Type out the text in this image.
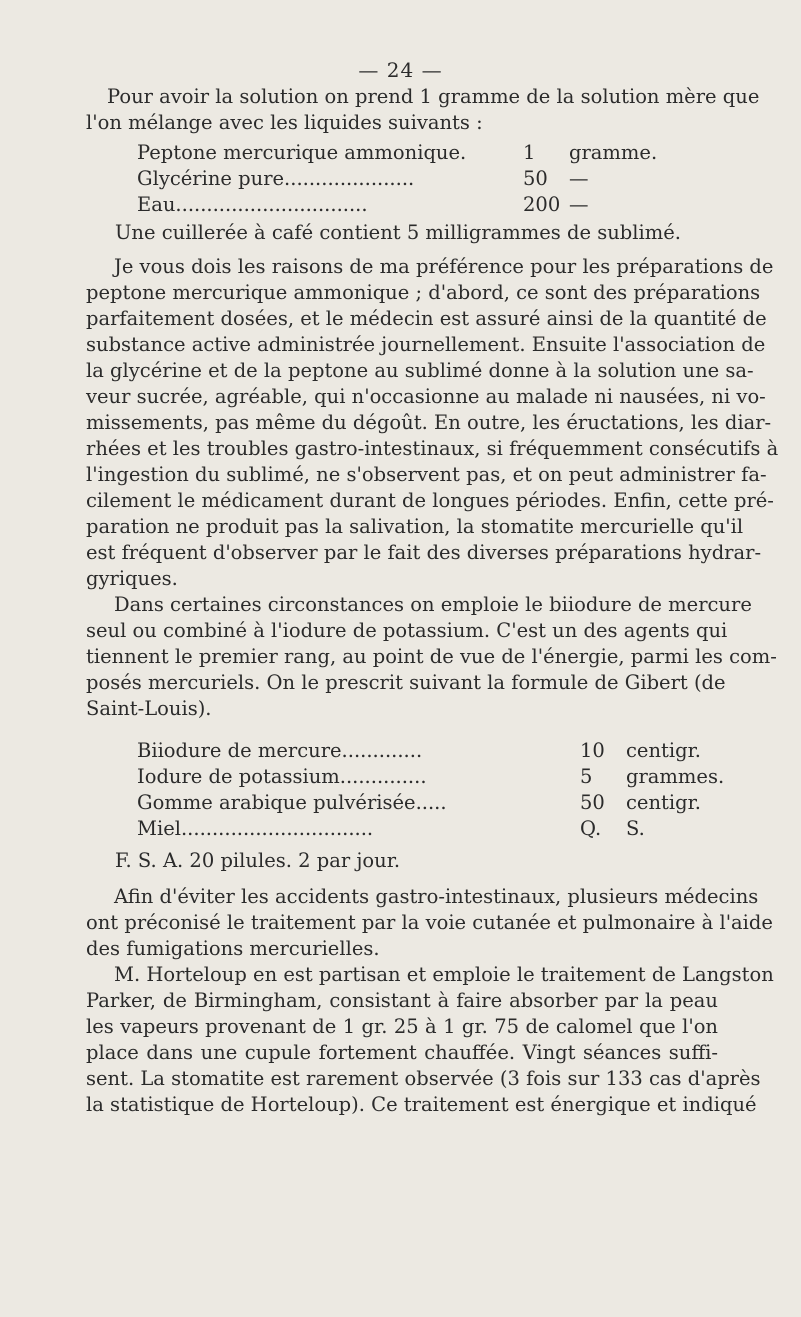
— 24 —
Pour avoir la solution on prend 1 gramme de la solution mère que
l'on mélange avec les liquides suivants :
Peptone mercurique ammonique.	1 gramme.
Glycérine pure.....................	50 —
Eau...............................	200 —
Une cuillerée à café contient 5 milligrammes de sublimé.
Je vous dois les raisons de ma préférence pour les préparations de
peptone mercurique ammonique ; d'abord, ce sont des préparations
parfaitement dosées, et le médecin est assuré ainsi de la quantité de
substance active administrée journellement. Ensuite l'association de
la glycérine et de la peptone au sublimé donne à la solution une sa-
veur sucrée, agréable, qui n'occasionne au malade ni nausées, ni vo-
missements, pas même du dégoût. En outre, les éructations, les diar-
rhées et les troubles gastro-intestinaux, si fréquemment consécutifs à
l'ingestion du sublimé, ne s'observent pas, et on peut administrer fa-
cilement le médicament durant de longues périodes. Enfin, cette pré-
paration ne produit pas la salivation, la stomatite mercurielle qu'il
est fréquent d'observer par le fait des diverses préparations hydrar-
gyriques.
Dans certaines circonstances on emploie le biiodure de mercure
seul ou combiné à l'iodure de potassium. C'est un des agents qui
tiennent le premier rang, au point de vue de l'énergie, parmi les com-
posés mercuriels. On le prescrit suivant la formule de Gibert (de
Saint-Louis).
Biiodure de mercure.............	10 centigr.
Iodure de potassium..............	5 grammes.
Gomme arabique pulvérisée.....	50 centigr.
Miel...............................	Q. S.
F. S. A. 20 pilules. 2 par jour.
Afin d'éviter les accidents gastro-intestinaux, plusieurs médecins
ont préconisé le traitement par la voie cutanée et pulmonaire à l'aide
des fumigations mercurielles.
M. Horteloup en est partisan et emploie le traitement de Langston
Parker, de Birmingham, consistant à faire absorber par la peau
les vapeurs provenant de 1 gr. 25 à 1 gr. 75 de calomel que l'on
place dans une cupule fortement chauffée. Vingt séances suffi-
sent. La stomatite est rarement observée (3 fois sur 133 cas d'après
la statistique de Horteloup). Ce traitement est énergique et indiqué
